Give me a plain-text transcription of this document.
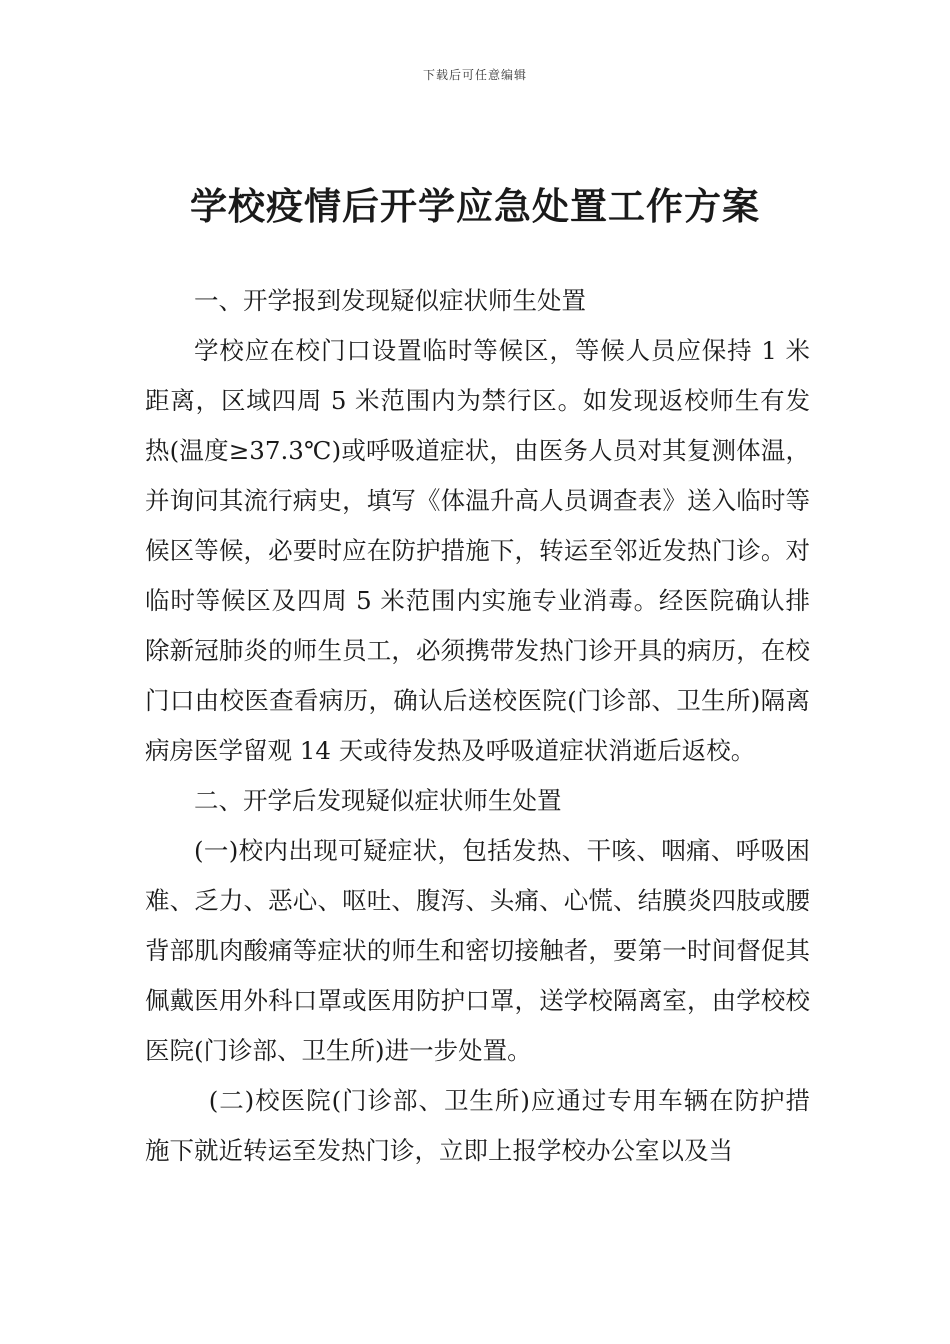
下载后可任意编辑
学校疫情后开学应急处置工作方案

一、开学报到发现疑似症状师生处置

学校应在校门口设置临时等候区，等候人员应保持 1 米距离，区域四周 5 米范围内为禁行区。如发现返校师生有发热(温度≥37.3℃)或呼吸道症状，由医务人员对其复测体温，并询问其流行病史，填写《体温升高人员调查表》送入临时等候区等候，必要时应在防护措施下，转运至邻近发热门诊。对临时等候区及四周 5 米范围内实施专业消毒。经医院确认排除新冠肺炎的师生员工，必须携带发热门诊开具的病历，在校门口由校医查看病历，确认后送校医院(门诊部、卫生所)隔离病房医学留观 14 天或待发热及呼吸道症状消逝后返校。

二、开学后发现疑似症状师生处置

(一)校内出现可疑症状，包括发热、干咳、咽痛、呼吸困难、乏力、恶心、呕吐、腹泻、头痛、心慌、结膜炎四肢或腰背部肌肉酸痛等症状的师生和密切接触者，要第一时间督促其佩戴医用外科口罩或医用防护口罩，送学校隔离室，由学校校医院(门诊部、卫生所)进一步处置。

(二)校医院(门诊部、卫生所)应通过专用车辆在防护措施下就近转运至发热门诊，立即上报学校办公室以及当
